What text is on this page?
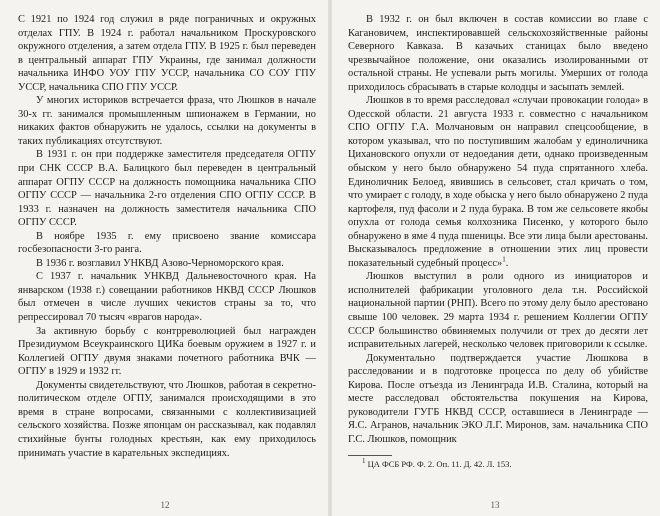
С 1921 по 1924 год служил в ряде пограничных и окружных отделах ГПУ. В 1924 г. работал начальником Проскуровского окружного отделения, а затем отдела ГПУ. В 1925 г. был переведен в центральный аппарат ГПУ Украины, где занимал должности начальника ИНФО УОУ ГПУ УССР, начальника СО СОУ ГПУ УССР, начальника СПО ГПУ УССР.

У многих историков встречается фраза, что Люшков в начале 30-х гг. занимался промышленным шпионажем в Германии, но никаких фактов обнаружить не удалось, ссылки на документы в таких публикациях отсутствуют.

В 1931 г. он при поддержке заместителя председателя ОГПУ при СНК СССР В.А. Балицкого был переведен в центральный аппарат ОГПУ СССР на должность помощника начальника СПО ОГПУ СССР — начальника 2-го отделения СПО ОГПУ СССР. В 1933 г. назначен на должность заместителя начальника СПО ОГПУ СССР.

В ноябре 1935 г. ему присвоено звание комиссара госбезопасности 3-го ранга.

В 1936 г. возглавил УНКВД Азово-Черноморского края.

С 1937 г. начальник УНКВД Дальневосточного края. На январском (1938 г.) совещании работников НКВД СССР Люшков был отмечен в числе лучших чекистов страны за то, что репрессировал 70 тысяч «врагов народа».

За активную борьбу с контрреволюцией был награжден Президиумом Всеукраинского ЦИКа боевым оружием в 1927 г. и Коллегией ОГПУ двумя знаками почетного работника ВЧК — ОГПУ в 1929 и 1932 гг.

Документы свидетельствуют, что Люшков, работая в секретно-политическом отделе ОГПУ, занимался происходящими в это время в стране вопросами, связанными с коллективизацией сельского хозяйства. Позже японцам он рассказывал, как подавлял стихийные бунты голодных крестьян, как ему приходилось принимать участие в карательных экспедициях.

12

В 1932 г. он был включен в состав комиссии во главе с Кагановичем, инспектировавшей сельскохозяйственные районы Северного Кавказа. В казачьих станицах было введено чрезвычайное положение, они оказались изолированными от остальной страны. Не успевали рыть могилы. Умерших от голода приходилось сбрасывать в старые колодцы и засыпать землей.

Люшков в то время расследовал «случаи провокации голода» в Одесской области. 21 августа 1933 г. совместно с начальником СПО ОГПУ Г.А. Молчановым он направил спецсообщение, в котором указывал, что по поступившим жалобам у единоличника Цихановского опухли от недоедания дети, однако произведенным обыском у него было обнаружено 54 пуда спрятанного хлеба. Единоличник Белоед, явившись в сельсовет, стал кричать о том, что умирает с голоду, в ходе обыска у него было обнаружено 2 пуда картофеля, пуд фасоли и 2 пуда бурака. В том же сельсовете якобы опухла от голода семья колхозника Писенко, у которого было обнаружено в яме 4 пуда пшеницы. Все эти лица были арестованы. Высказывалось предложение в отношении этих лиц провести показательный судебный процесс»$^1$.

Люшков выступил в роли одного из инициаторов и исполнителей фабрикации уголовного дела т.н. Российской национальной партии (РНП). Всего по этому делу было арестовано свыше 100 человек. 29 марта 1934 г. решением Коллегии ОГПУ СССР большинство обвиняемых получили от трех до десяти лет исправительных лагерей, несколько человек приговорили к ссылке.

Документально подтверждается участие Люшкова в расследовании и в подготовке процесса по делу об убийстве Кирова. После отъезда из Ленинграда И.В. Сталина, который на месте расследовал обстоятельства покушения на Кирова, руководители ГУГБ НКВД СССР, оставшиеся в Ленинграде — Я.С. Агранов, начальник ЭКО Л.Г. Миронов, зам. начальника СПО Г.С. Люшков, помощник

$^1$ ЦА ФСБ РФ. Ф. 2. Оп. 11. Д. 42. Л. 153.
13
